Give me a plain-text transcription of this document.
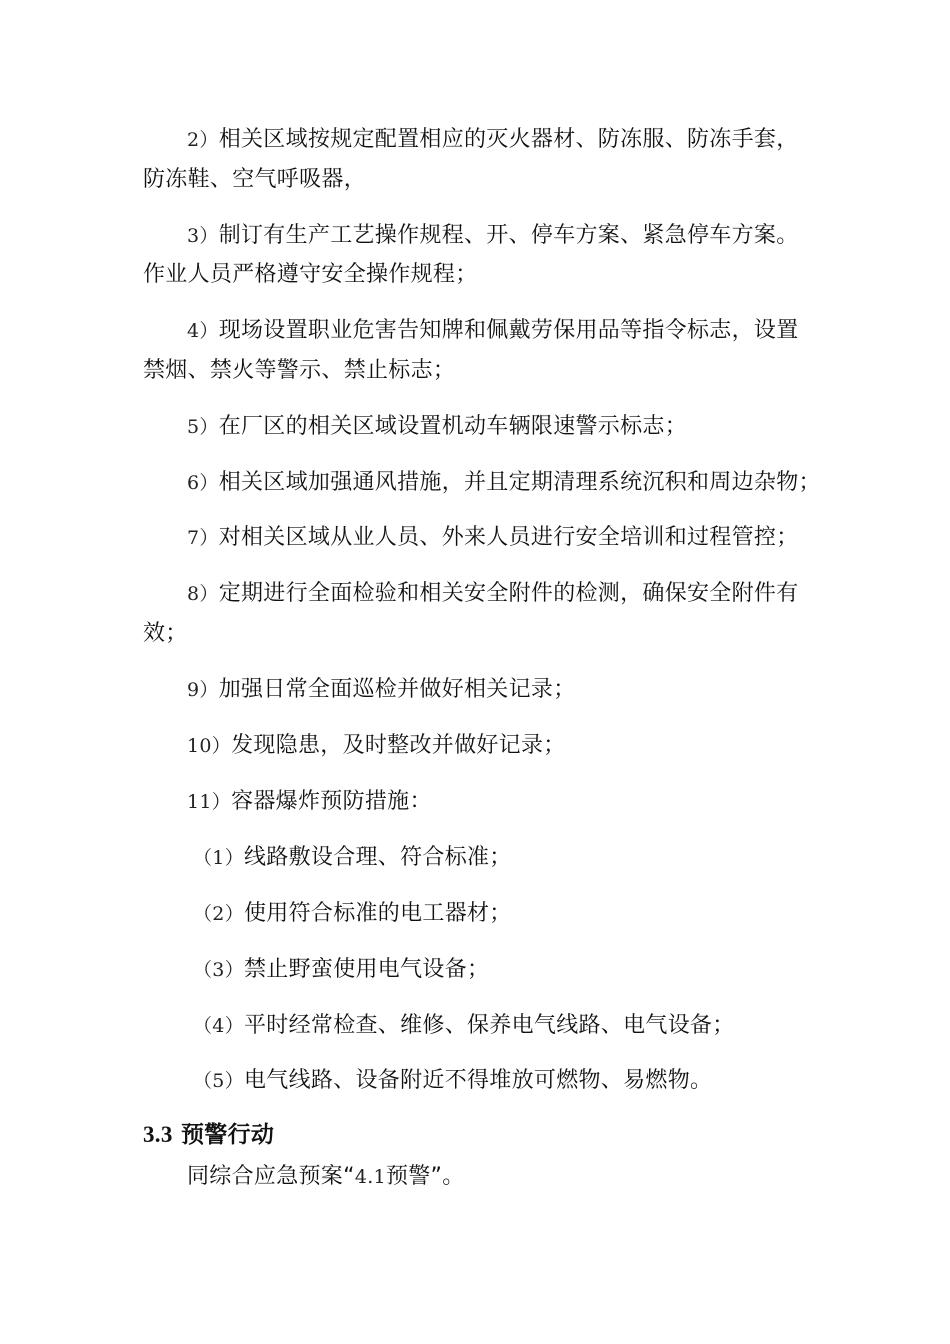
2）相关区域按规定配置相应的灭火器材、防冻服、防冻手套，
防冻鞋、空气呼吸器，
3）制订有生产工艺操作规程、开、停车方案、紧急停车方案。
作业人员严格遵守安全操作规程；
4）现场设置职业危害告知牌和佩戴劳保用品等指令标志，设置
禁烟、禁火等警示、禁止标志；
5）在厂区的相关区域设置机动车辆限速警示标志；
6）相关区域加强通风措施，并且定期清理系统沉积和周边杂物；
7）对相关区域从业人员、外来人员进行安全培训和过程管控；
8）定期进行全面检验和相关安全附件的检测，确保安全附件有
效；
9）加强日常全面巡检并做好相关记录；
10）发现隐患，及时整改并做好记录；
11）容器爆炸预防措施：
（1）线路敷设合理、符合标准；
（2）使用符合标准的电工器材；
（3）禁止野蛮使用电气设备；
（4）平时经常检查、维修、保养电气线路、电气设备；
（5）电气线路、设备附近不得堆放可燃物、易燃物。
3.3 预警行动
同综合应急预案“4.1预警”。
